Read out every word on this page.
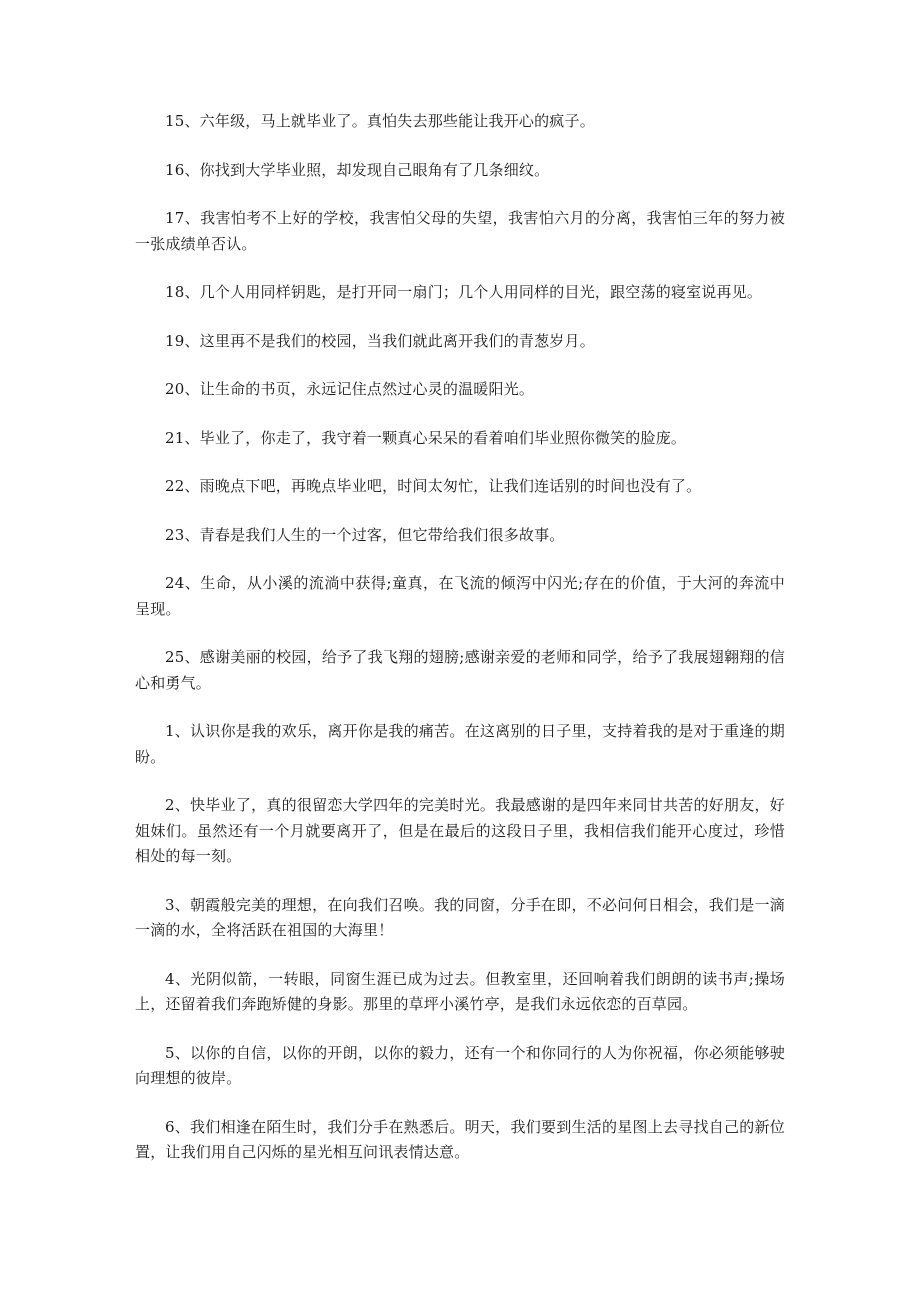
15、六年级，马上就毕业了。真怕失去那些能让我开心的疯子。

16、你找到大学毕业照，却发现自己眼角有了几条细纹。

17、我害怕考不上好的学校，我害怕父母的失望，我害怕六月的分离，我害怕三年的努力被一张成绩单否认。

18、几个人用同样钥匙，是打开同一扇门；几个人用同样的目光，跟空荡的寝室说再见。

19、这里再不是我们的校园，当我们就此离开我们的青葱岁月。

20、让生命的书页，永远记住点然过心灵的温暖阳光。

21、毕业了，你走了，我守着一颗真心呆呆的看着咱们毕业照你微笑的脸庞。

22、雨晚点下吧，再晚点毕业吧，时间太匆忙，让我们连话别的时间也没有了。

23、青春是我们人生的一个过客，但它带给我们很多故事。

24、生命，从小溪的流淌中获得;童真，在飞流的倾泻中闪光;存在的价值，于大河的奔流中呈现。

25、感谢美丽的校园，给予了我飞翔的翅膀;感谢亲爱的老师和同学，给予了我展翅翱翔的信心和勇气。

1、认识你是我的欢乐，离开你是我的痛苦。在这离别的日子里，支持着我的是对于重逢的期盼。

2、快毕业了，真的很留恋大学四年的完美时光。我最感谢的是四年来同甘共苦的好朋友，好姐妹们。虽然还有一个月就要离开了，但是在最后的这段日子里，我相信我们能开心度过，珍惜相处的每一刻。

3、朝霞般完美的理想，在向我们召唤。我的同窗，分手在即，不必问何日相会，我们是一滴一滴的水，全将活跃在祖国的大海里！

4、光阴似箭，一转眼，同窗生涯已成为过去。但教室里，还回响着我们朗朗的读书声;操场上，还留着我们奔跑矫健的身影。那里的草坪小溪竹亭，是我们永远依恋的百草园。

5、以你的自信，以你的开朗，以你的毅力，还有一个和你同行的人为你祝福，你必须能够驶向理想的彼岸。

6、我们相逢在陌生时，我们分手在熟悉后。明天，我们要到生活的星图上去寻找自己的新位置，让我们用自己闪烁的星光相互问讯表情达意。
